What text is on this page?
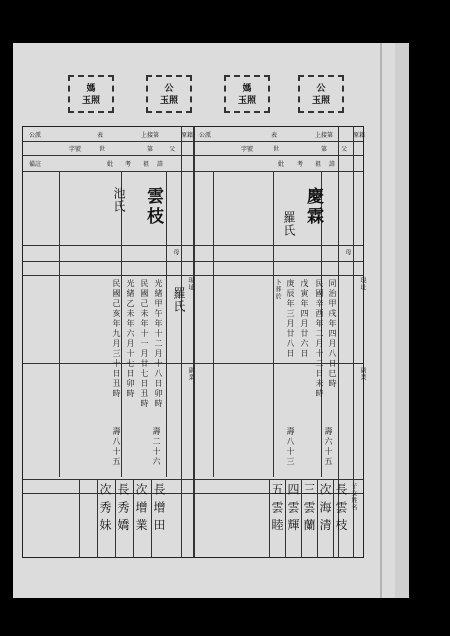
媽
玉照
公
玉照
媽
玉照
公
玉照
原籍
上接第
表
公派
原籍
上接第
表
公派
父
第
世
字號
父
第
世
字號
考 祖 諱
妣
考 祖 諱
妣
備註
現址
現址
母
母
副業
副業
慶霖
羅氏
同治甲戌年四月八日巳時
民國辛酉年二月十二日未時
戊寅年四月廿六日
庚辰年三月廿八日
壽六十五
壽八十三
卜葬於
子女姓名
長 雲 枝
次 海 清
三 雲 蘭
四 雲 輝
五 雲 睦
雲枝
池氏
羅氏
光緒甲午年十二月十八日卯時
民國己未年十一月廿七日丑時
光緒乙未年六月十七日卯時
民國己亥年九月三十日丑時
壽二十六
壽八十五
長 增 田
次 增 業
長 秀 嬌
次 秀 妹
